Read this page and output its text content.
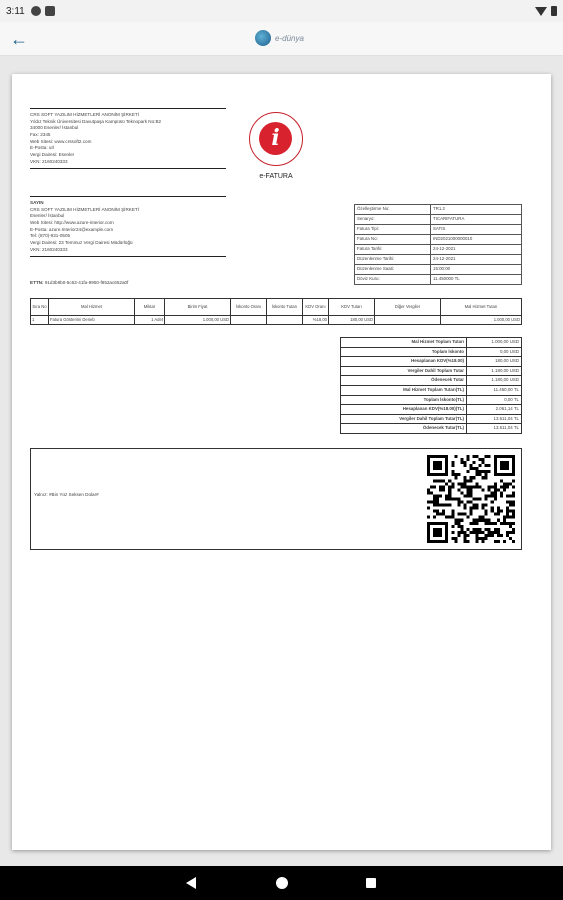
3:11
←	e-dünya
CRS SOFT YAZILIM HİZMETLERİ ANONİM ŞİRKETİ
Yıldız Teknik Üniversitesi Davutpaşa Kampüsü Teknopark No:B2
34000 Esenler/ İstanbul
Fax: 2345
Web Sitesi: www.crssoft2.com
E-Posta: url
Vergi Dairesi: Esenler
VKN: 2160240333
i
e-FATURA
SAYIN
CRS SOFT YAZILIM HİZMETLERİ ANONİM ŞİRKETİ
Esenler/ İstanbul
Web Sitesi: http://www.azure-interior.com
E-Posta: azure.Interior24@example.com
Tel: (870)-931-0505
Vergi Dairesi: 23 Temmuz Vergi Dairesi Müdürlüğü
VKN: 2160240333
Özelleştirme No:	TR1.2
Senaryo:	TICARIFATURA
Fatura Tipi:	SATIS
Fatura No:	IND2021000000010
Fatura Tarihi:	24-12-2021
Düzenlenme Tarihi:	24-12-2021
Düzenlenme Saati:	15:00:00
Döviz Kuru:	11.450000 TL
ETTN: 91d3b9b0-5c63-41fa-9950-f852ac652a0f
Sıra No	Mal Hizmet	Miktar	Birim Fiyat	İskonto Oranı	İskonto Tutarı	KDV Oranı	KDV Tutarı	Diğer Vergiler	Mal Hizmet Tutarı
1	Fatura Gösterimi Deneb	1 Adet	1.000,00 USD			%18,00	180,00 USD		1.000,00 USD
Mal Hizmet Toplam Tutarı	1.000,00 USD
Toplam İskonto	0,00 USD
Hesaplanan KDV(%18.00)	180,00 USD
Vergiler Dahil Toplam Tutar	1.180,00 USD
Ödenecek Tutar	1.180,00 USD
Mal Hizmet Toplam Tutarı(TL)	11.450,00 TL
Toplam İskonto(TL)	0,00 TL
Hesaplanan KDV(%18.00)(TL)	2.061,14 TL
Vergiler Dahil Toplam Tutar(TL)	13.511,04 TL
Ödenecek Tutar(TL)	13.511,04 TL
Yalnız: #Bin Yüz Seksen Dolar#
